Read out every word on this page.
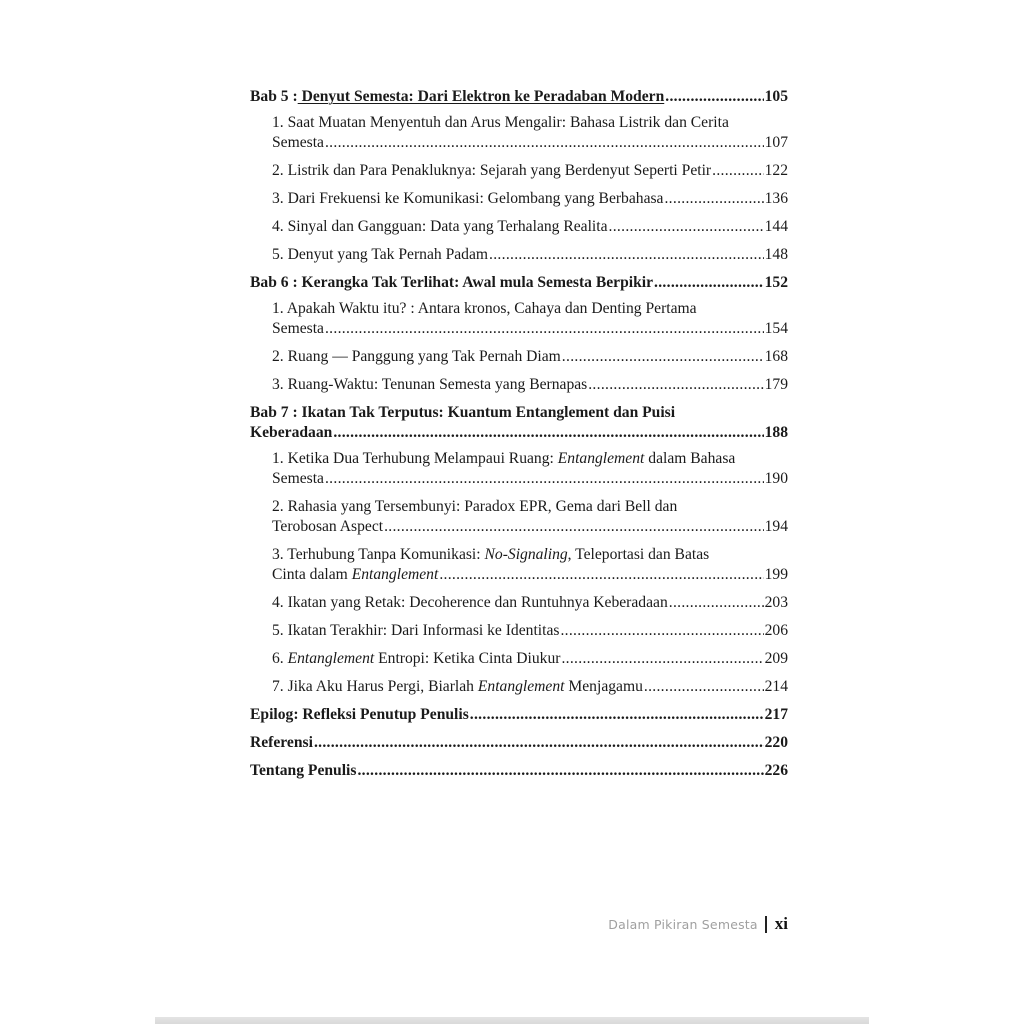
Bab 5 : Denyut Semesta: Dari Elektron ke Peradaban Modern .....	105
1. Saat Muatan Menyentuh dan Arus Mengalir: Bahasa Listrik dan Cerita
Semesta .....	107
2. Listrik dan Para Penakluknya: Sejarah yang Berdenyut Seperti Petir .....	122
3. Dari Frekuensi ke Komunikasi: Gelombang yang Berbahasa .....	136
4. Sinyal dan Gangguan: Data yang Terhalang Realita .....	144
5. Denyut yang Tak Pernah Padam .....	148
Bab 6 : Kerangka Tak Terlihat: Awal mula Semesta Berpikir .....	152
1. Apakah Waktu itu? : Antara kronos, Cahaya dan Denting Pertama
Semesta .....	154
2. Ruang — Panggung yang Tak Pernah Diam .....	168
3. Ruang-Waktu: Tenunan Semesta yang Bernapas .....	179
Bab 7 : Ikatan Tak Terputus: Kuantum Entanglement dan Puisi
Keberadaan .....	188
1. Ketika Dua Terhubung Melampaui Ruang: Entanglement dalam Bahasa
Semesta .....	190
2. Rahasia yang Tersembunyi: Paradox EPR, Gema dari Bell dan
Terobosan Aspect .....	194
3. Terhubung Tanpa Komunikasi: No-Signaling, Teleportasi dan Batas
Cinta dalam Entanglement .....	199
4. Ikatan yang Retak: Decoherence dan Runtuhnya Keberadaan .....	203
5. Ikatan Terakhir: Dari Informasi ke Identitas .....	206
6. Entanglement Entropi: Ketika Cinta Diukur .....	209
7. Jika Aku Harus Pergi, Biarlah Entanglement Menjagamu .....	214
Epilog: Refleksi Penutup Penulis .....	217
Referensi .....	220
Tentang Penulis .....	226
Dalam Pikiran Semesta xi
